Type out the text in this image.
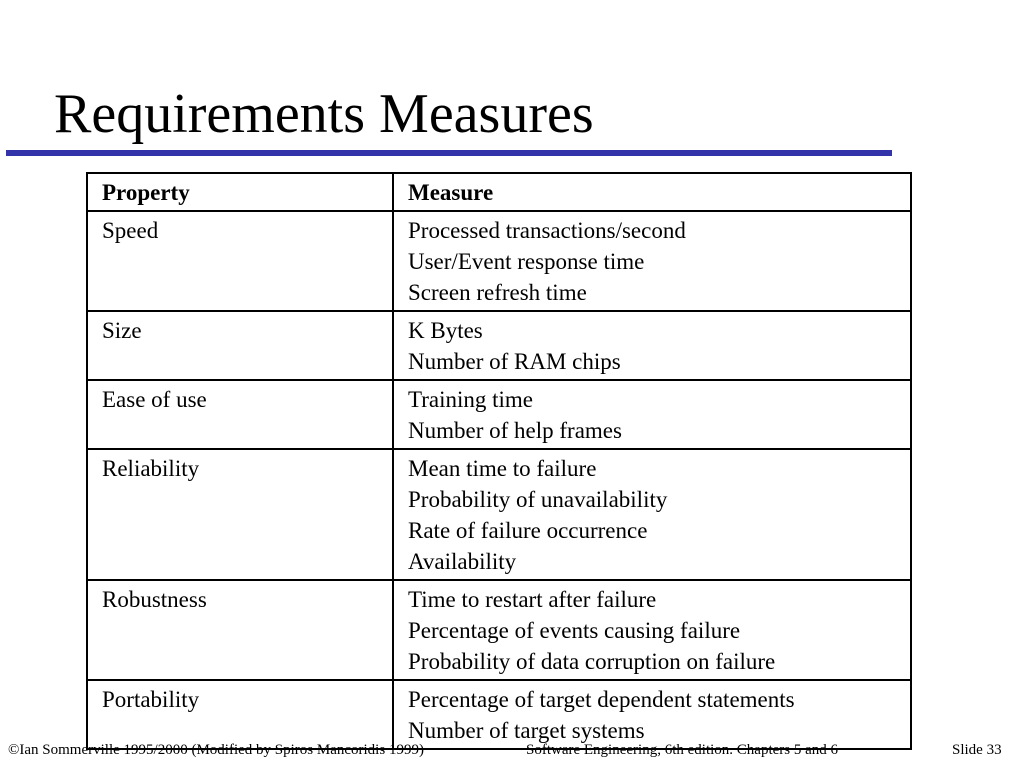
Requirements Measures
Property	Measure
Speed	Processed transactions/second
User/Event response time
Screen refresh time
Size	K Bytes
Number of RAM chips
Ease of use	Training time
Number of help frames
Reliability	Mean time to failure
Probability of unavailability
Rate of failure occurrence
Availability
Robustness	Time to restart after failure
Percentage of events causing failure
Probability of data corruption on failure
Portability	Percentage of target dependent statements
Number of target systems
©Ian Sommerville 1995/2000 (Modified by Spiros Mancoridis 1999)	Software Engineering, 6th edition. Chapters 5 and 6	Slide 33
